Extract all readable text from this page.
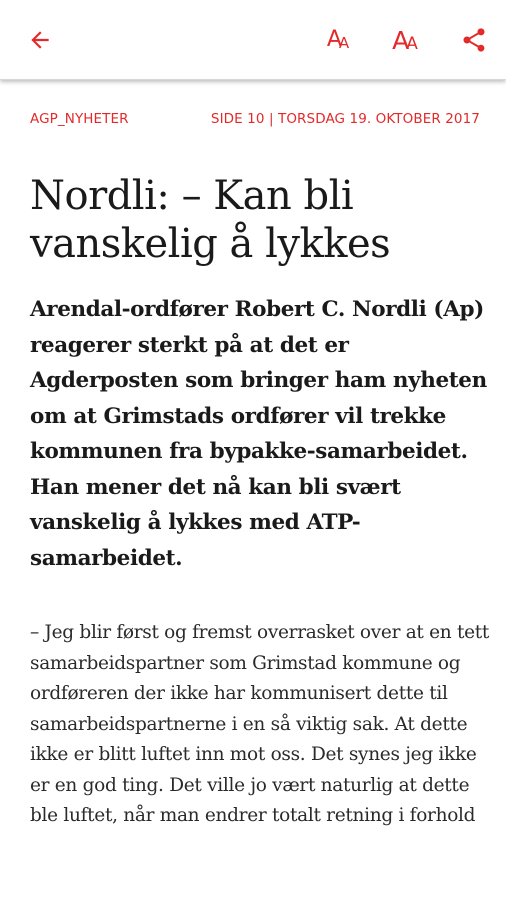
A
A A
A
AGP_NYHETER	SIDE 10 | TORSDAG 19. OKTOBER 2017
Nordli: – Kan bli vanskelig å lykkes

Arendal-ordfører Robert C. Nordli (Ap) reagerer sterkt på at det er Agderposten som bringer ham nyheten om at Grimstads ordfører vil trekke kommunen fra bypakke-samarbeidet. Han mener det nå kan bli svært vanskelig å lykkes med ATP-samarbeidet.

– Jeg blir først og fremst overrasket over at en tett samarbeidspartner som Grimstad kommune og ordføreren der ikke har kommunisert dette til samarbeidspartnerne i en så viktig sak. At dette ikke er blitt luftet inn mot oss. Det synes jeg ikke er en god ting. Det ville jo vært naturlig at dette ble luftet, når man endrer totalt retning i forhold
